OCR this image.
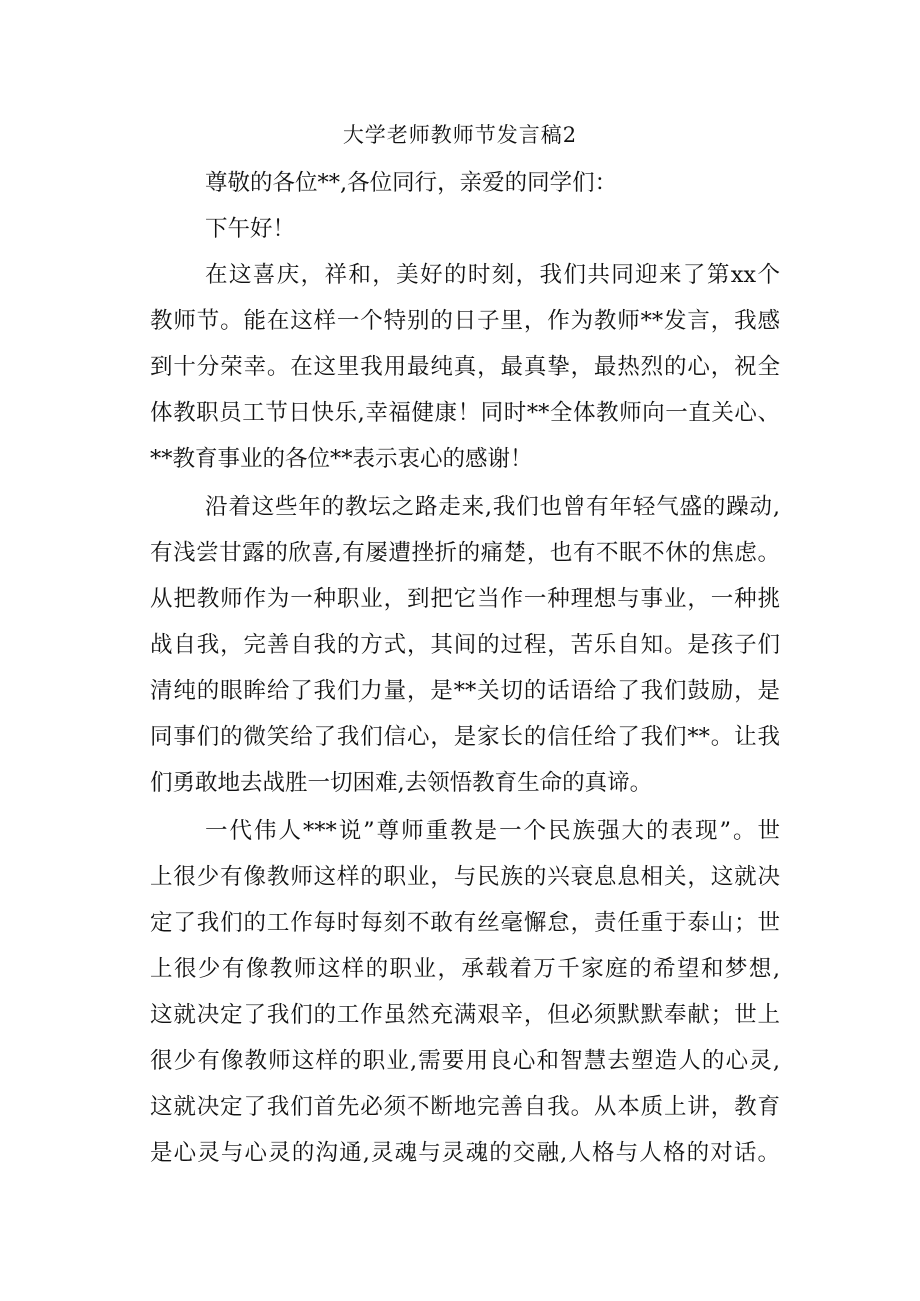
大学老师教师节发言稿2
尊敬的各位**,各位同行，亲爱的同学们：
下午好！
在这喜庆，祥和，美好的时刻，我们共同迎来了第xx个
教师节。能在这样一个特别的日子里，作为教师**发言，我感
到十分荣幸。在这里我用最纯真，最真挚，最热烈的心，祝全
体教职员工节日快乐,幸福健康！同时**全体教师向一直关心、
**教育事业的各位**表示衷心的感谢！
沿着这些年的教坛之路走来,我们也曾有年轻气盛的躁动,
有浅尝甘露的欣喜,有屡遭挫折的痛楚，也有不眠不休的焦虑。
从把教师作为一种职业，到把它当作一种理想与事业，一种挑
战自我，完善自我的方式，其间的过程，苦乐自知。是孩子们
清纯的眼眸给了我们力量，是**关切的话语给了我们鼓励，是
同事们的微笑给了我们信心，是家长的信任给了我们**。让我
们勇敢地去战胜一切困难,去领悟教育生命的真谛。
一代伟人***说”尊师重教是一个民族强大的表现”。世
上很少有像教师这样的职业，与民族的兴衰息息相关，这就决
定了我们的工作每时每刻不敢有丝毫懈怠，责任重于泰山；世
上很少有像教师这样的职业，承载着万千家庭的希望和梦想,
这就决定了我们的工作虽然充满艰辛，但必须默默奉献；世上
很少有像教师这样的职业,需要用良心和智慧去塑造人的心灵,
这就决定了我们首先必须不断地完善自我。从本质上讲，教育
是心灵与心灵的沟通,灵魂与灵魂的交融,人格与人格的对话。
